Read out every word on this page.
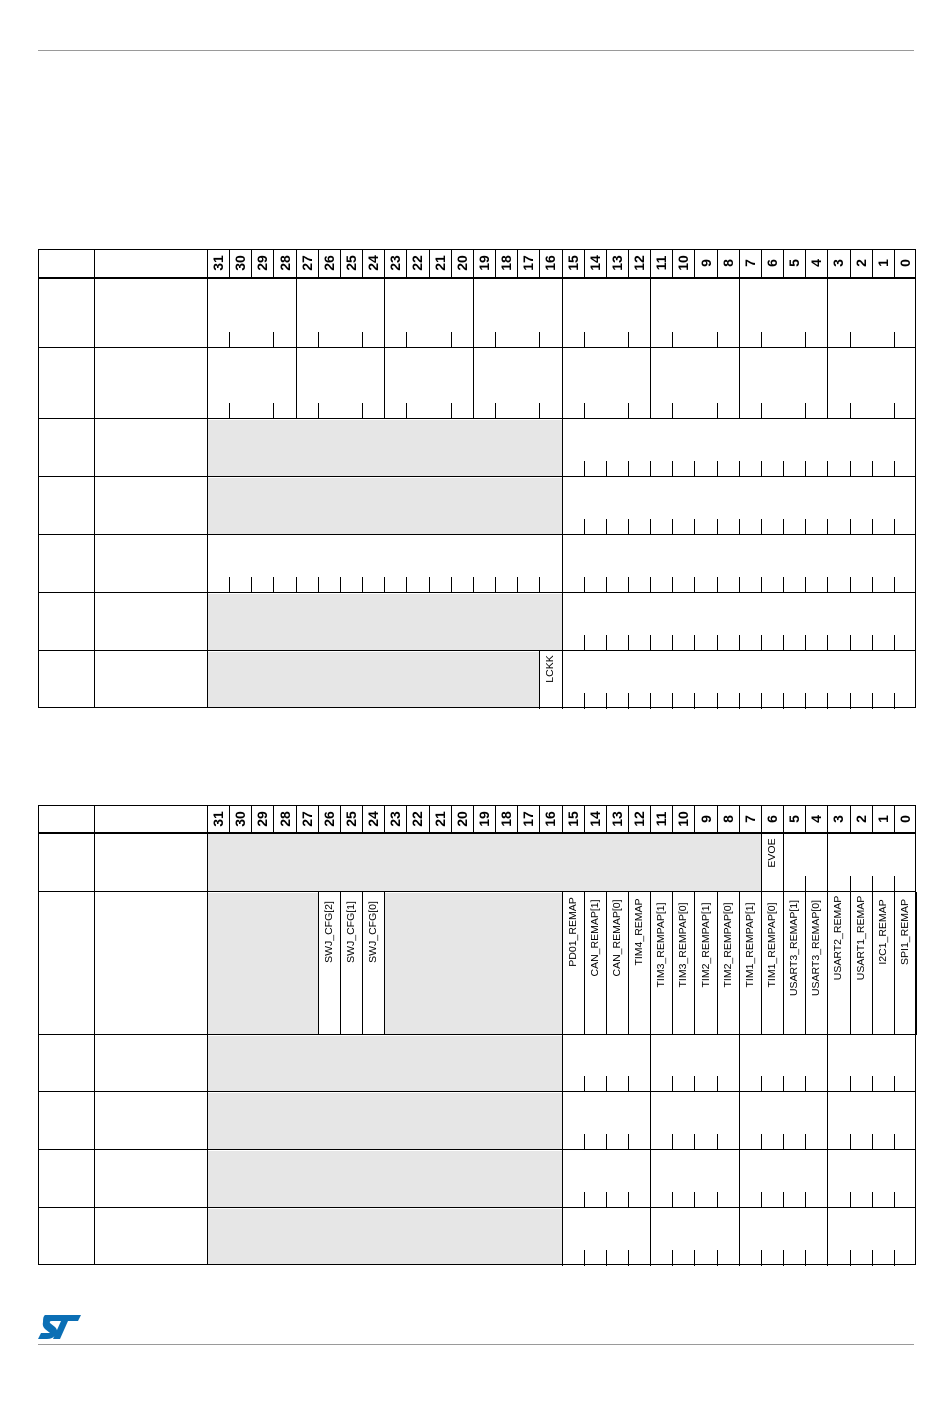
31 30 29 28 27 26 25 24 23 22 21 20 19 18 17 16 15 14 13 12 11 10 9 8 7 6 5 4 3 2 1 0
LCKK
31 30 29 28 27 26 25 24 23 22 21 20 19 18 17 16 15 14 13 12 11 10 9 8 7 6 5 4 3 2 1 0
EVOE
SWJ_CFG[2] SWJ_CFG[1] SWJ_CFG[0]	PD01_REMAP CAN_REMAP[1] CAN_REMAP[0] TIM4_REMAP TIM3_REMPAP[1] TIM3_REMPAP[0] TIM2_REMPAP[1] TIM2_REMPAP[0] TIM1_REMPAP[1] TIM1_REMPAP[0] USART3_REMAP[1] USART3_REMAP[0] USART2_REMAP USART1_REMAP I2C1_REMAP SPI1_REMAP
